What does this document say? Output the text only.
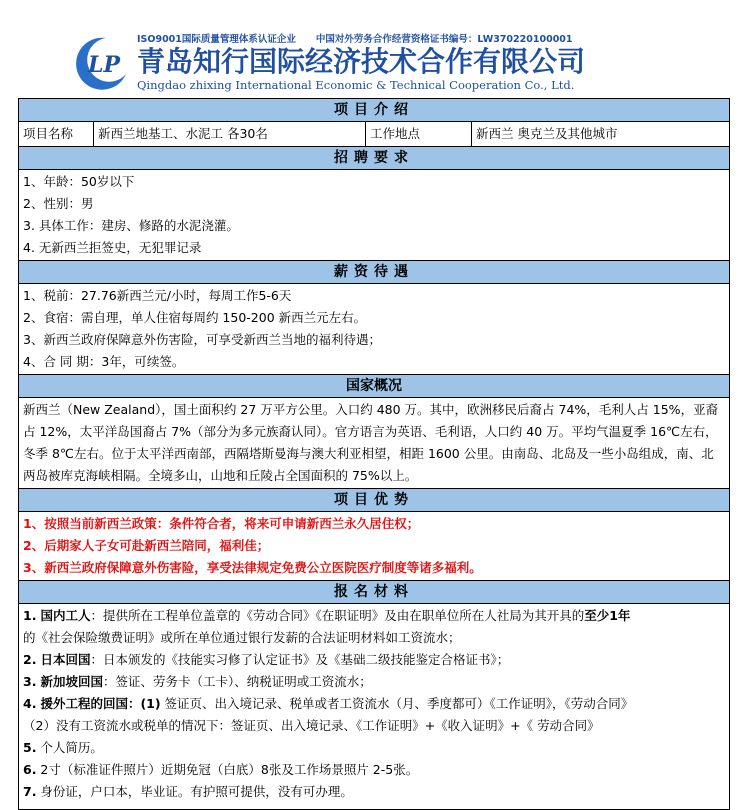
LP
ISO9001国际质量管理体系认证企业 中国对外劳务合作经营资格证书编号：LW370220100001
青岛知行国际经济技术合作有限公司
Qingdao zhixing International Economic & Technical Cooperation Co., Ltd.
项目介绍
项目名称	新西兰地基工、水泥工 各30名	工作地点	新西兰 奥克兰及其他城市
招聘要求

1、年龄：50岁以下

2、性别：男

3. 具体工作：建房、修路的水泥浇灌。

4. 无新西兰拒签史，无犯罪记录

薪资待遇

1、税前：27.76新西兰元/小时，每周工作5-6天

2、食宿：需自理，单人住宿每周约 150-200 新西兰元左右。

3、新西兰政府保障意外伤害险，可享受新西兰当地的福利待遇；

4、合 同 期：3年，可续签。

国家概况

新西兰（New Zealand），国土面积约 27 万平方公里。入口约 480 万。其中，欧洲移民后裔占 74%，毛利人占 15%，亚裔占 12%，太平洋岛国裔占 7%（部分为多元族裔认同）。官方语言为英语、毛利语，人口约 40 万。平均气温夏季 16℃左右，冬季 8℃左右。位于太平洋西南部，西隔塔斯曼海与澳大利亚相望，相距 1600 公里。由南岛、北岛及一些小岛组成，南、北两岛被库克海峡相隔。全境多山，山地和丘陵占全国面积的 75%以上。

项目优势

1、按照当前新西兰政策：条件符合者，将来可申请新西兰永久居住权；

2、后期家人子女可赴新西兰陪同，福利佳；

3、新西兰政府保障意外伤害险，享受法律规定免费公立医院医疗制度等诸多福利。

报名材料

1. 国内工人：提供所在工程单位盖章的《劳动合同》《在职证明》及由在职单位所在人社局为其开具的至少1年

的《社会保险缴费证明》或所在单位通过银行发薪的合法证明材料如工资流水；

2. 日本回国：日本颁发的《技能实习修了认定证书》及《基础二级技能鉴定合格证书》；

3. 新加坡回国：签证、劳务卡（工卡）、纳税证明或工资流水；

4. 援外工程的回国：(1) 签证页、出入境记录、税单或者工资流水（月、季度都可）《工作证明》，《劳动合同》

（2）没有工资流水或税单的情况下：签证页、出入境记录、《工作证明》+《收入证明》+《 劳动合同》

5. 个人简历。

6. 2寸（标准证件照片）近期免冠（白底）8张及工作场景照片 2-5张。

7. 身份证，户口本，毕业证。有护照可提供，没有可办理。
